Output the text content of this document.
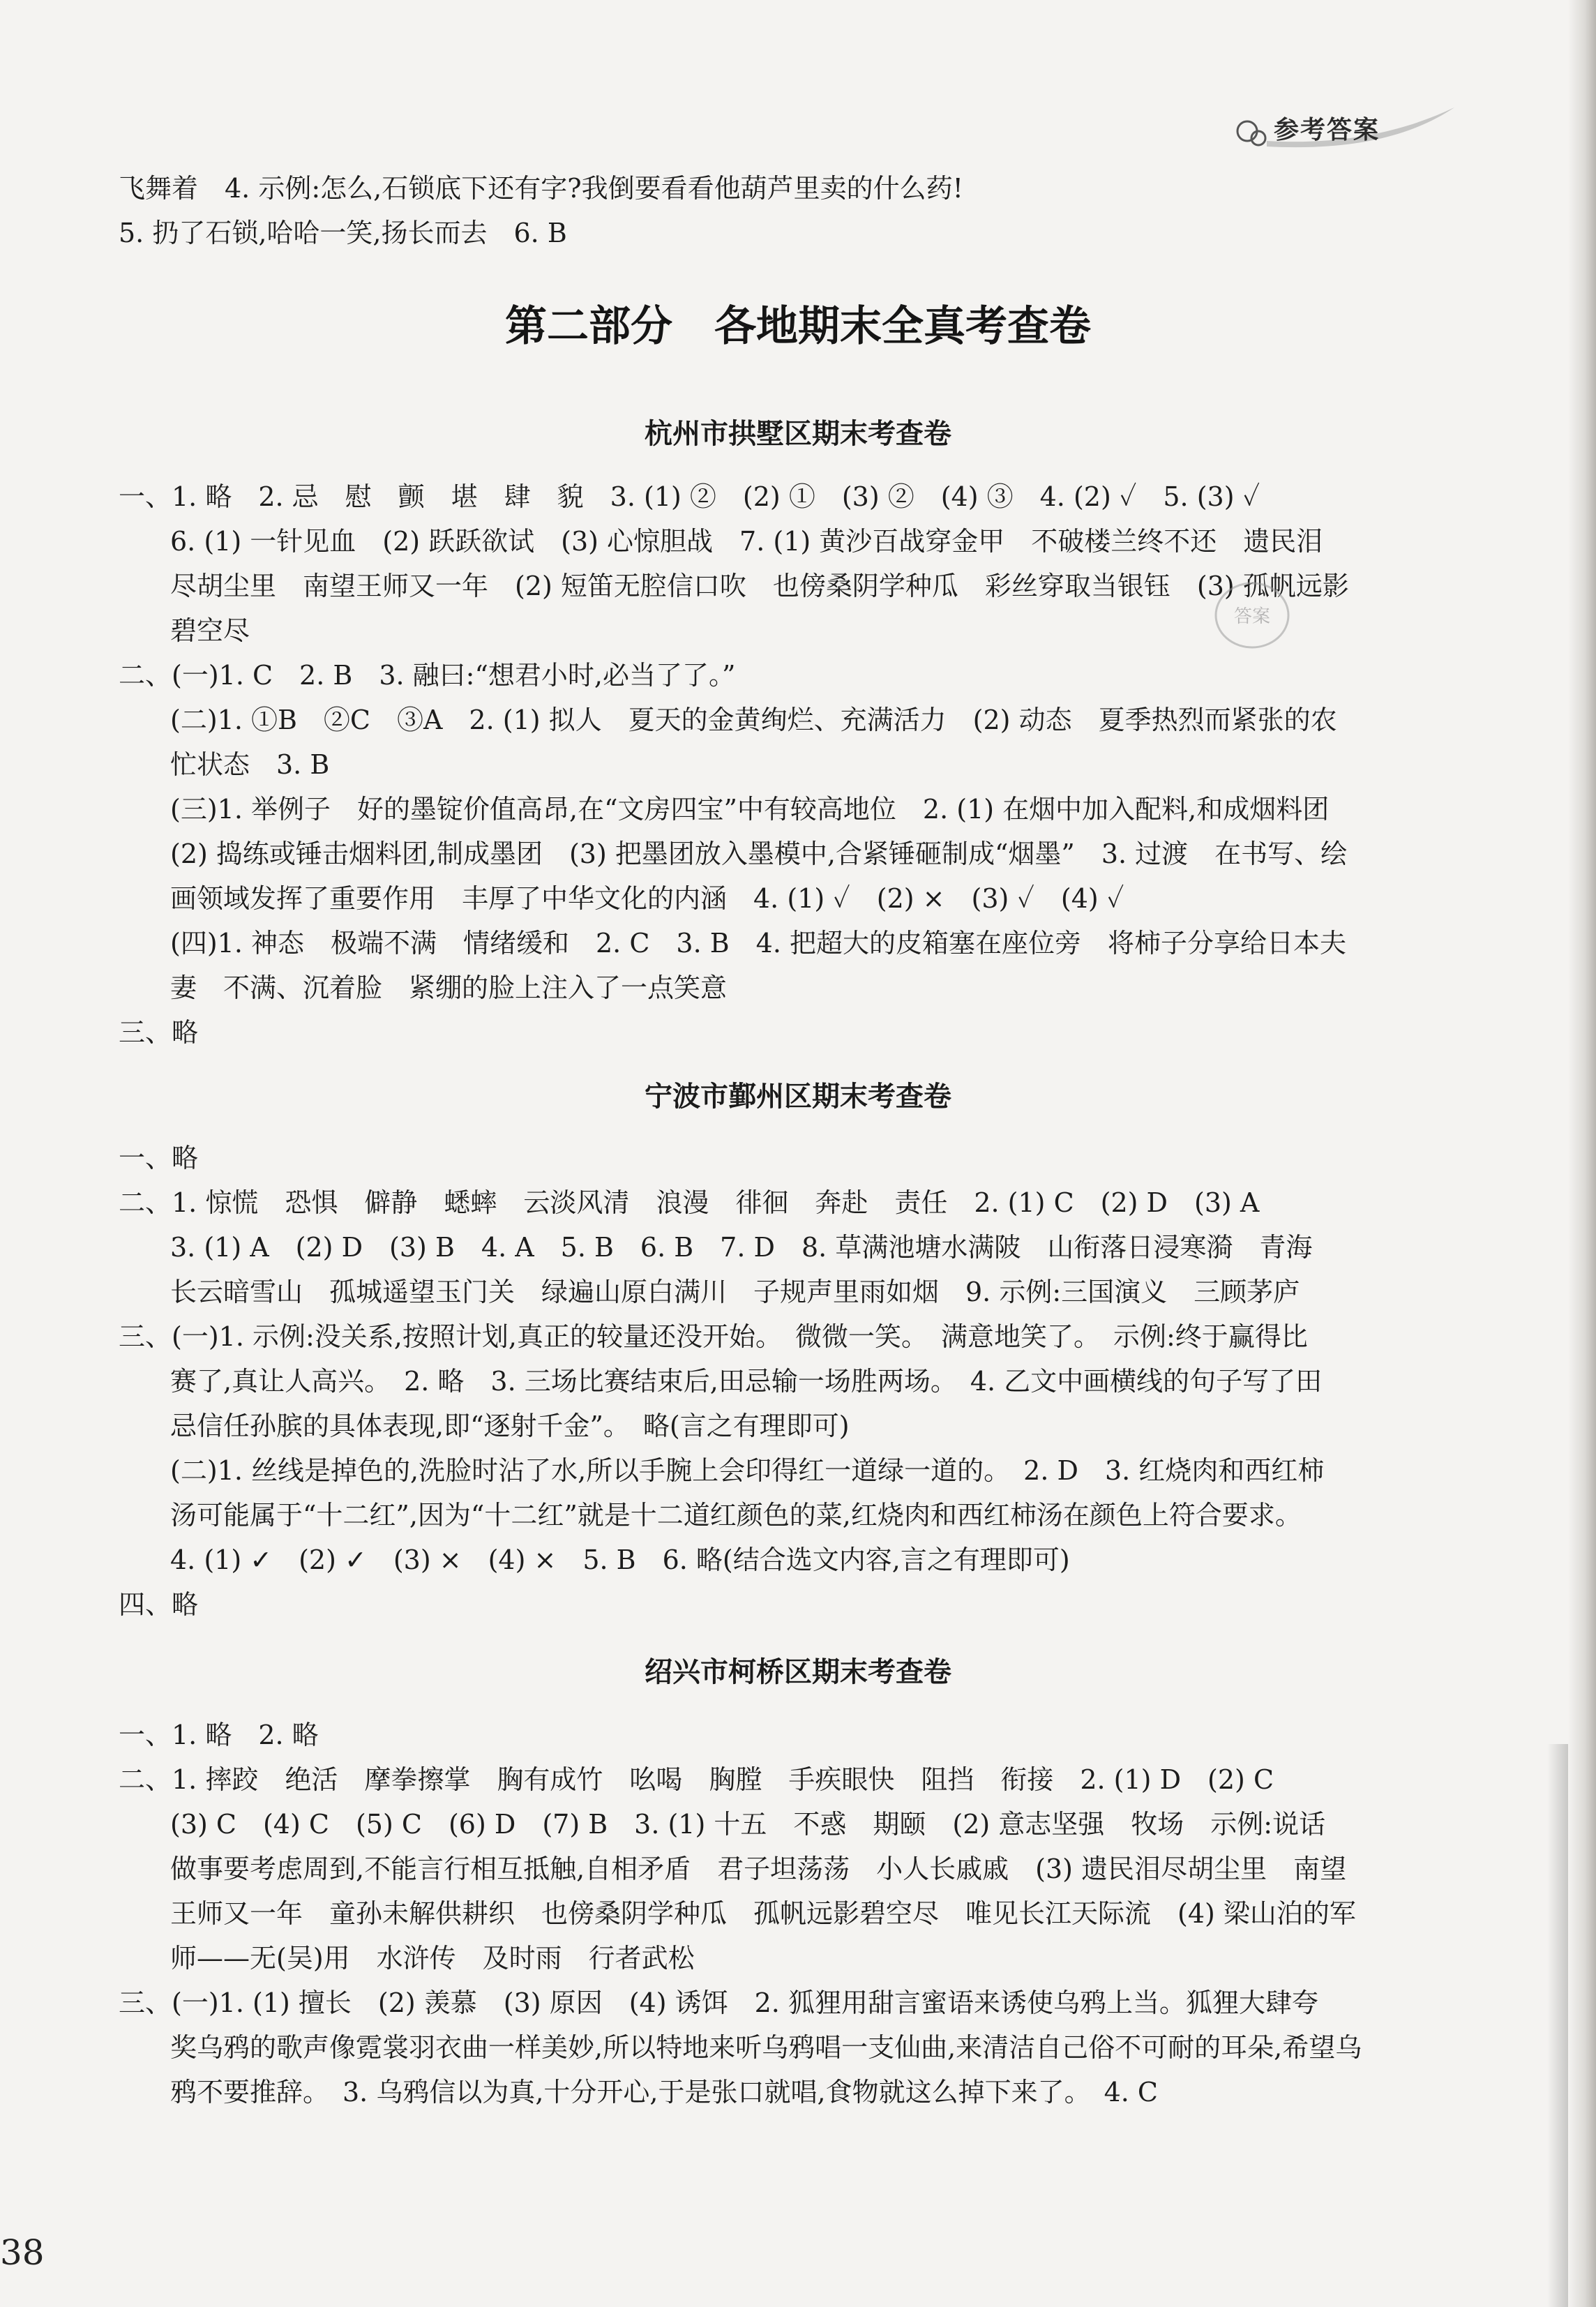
参考答案
飞舞着　4. 示例:怎么,石锁底下还有字?我倒要看看他葫芦里卖的什么药!
5. 扔了石锁,哈哈一笑,扬长而去　6. B
第二部分　各地期末全真考查卷
杭州市拱墅区期末考查卷
一、1. 略　2. 忌　慰　颤　堪　肆　貌　3. (1) ②　(2) ①　(3) ②　(4) ③　4. (2) ✓　5. (3) ✓
6. (1) 一针见血　(2) 跃跃欲试　(3) 心惊胆战　7. (1) 黄沙百战穿金甲　不破楼兰终不还　遗民泪
尽胡尘里　南望王师又一年　(2) 短笛无腔信口吹　也傍桑阴学种瓜　彩丝穿取当银钰　(3) 孤帆远影
碧空尽
二、(一)1. C　2. B　3. 融曰:“想君小时,必当了了。”
(二)1. ①B　②C　③A　2. (1) 拟人　夏天的金黄绚烂、充满活力　(2) 动态　夏季热烈而紧张的农
忙状态　3. B
(三)1. 举例子　好的墨锭价值高昂,在“文房四宝”中有较高地位　2. (1) 在烟中加入配料,和成烟料团
(2) 捣练或锤击烟料团,制成墨团　(3) 把墨团放入墨模中,合紧锤砸制成“烟墨”　3. 过渡　在书写、绘
画领域发挥了重要作用　丰厚了中华文化的内涵　4. (1) ✓　(2) ×　(3) ✓　(4) ✓
(四)1. 神态　极端不满　情绪缓和　2. C　3. B　4. 把超大的皮箱塞在座位旁　将柿子分享给日本夫
妻　不满、沉着脸　紧绷的脸上注入了一点笑意
三、略
答案
宁波市鄞州区期末考查卷
一、略
二、1. 惊慌　恐惧　僻静　蟋蟀　云淡风清　浪漫　徘徊　奔赴　责任　2. (1) C　(2) D　(3) A
3. (1) A　(2) D　(3) B　4. A　5. B　6. B　7. D　8. 草满池塘水满陂　山衔落日浸寒漪　青海
长云暗雪山　孤城遥望玉门关　绿遍山原白满川　子规声里雨如烟　9. 示例:三国演义　三顾茅庐
三、(一)1. 示例:没关系,按照计划,真正的较量还没开始。　微微一笑。　满意地笑了。　示例:终于赢得比
赛了,真让人高兴。　2. 略　3. 三场比赛结束后,田忌输一场胜两场。　4. 乙文中画横线的句子写了田
忌信任孙膑的具体表现,即“逐射千金”。　略(言之有理即可)
(二)1. 丝线是掉色的,洗脸时沾了水,所以手腕上会印得红一道绿一道的。　2. D　3. 红烧肉和西红柿
汤可能属于“十二红”,因为“十二红”就是十二道红颜色的菜,红烧肉和西红柿汤在颜色上符合要求。
4. (1) ✓　(2) ✓　(3) ×　(4) ×　5. B　6. 略(结合选文内容,言之有理即可)
四、略
绍兴市柯桥区期末考查卷
一、1. 略　2. 略
二、1. 摔跤　绝活　摩拳擦掌　胸有成竹　吆喝　胸膛　手疾眼快　阻挡　衔接　2. (1) D　(2) C
(3) C　(4) C　(5) C　(6) D　(7) B　3. (1) 十五　不惑　期颐　(2) 意志坚强　牧场　示例:说话
做事要考虑周到,不能言行相互抵触,自相矛盾　君子坦荡荡　小人长戚戚　(3) 遗民泪尽胡尘里　南望
王师又一年　童孙未解供耕织　也傍桑阴学种瓜　孤帆远影碧空尽　唯见长江天际流　(4) 梁山泊的军
师——无(吴)用　水浒传　及时雨　行者武松
三、(一)1. (1) 擅长　(2) 羡慕　(3) 原因　(4) 诱饵　2. 狐狸用甜言蜜语来诱使乌鸦上当。狐狸大肆夸
奖乌鸦的歌声像霓裳羽衣曲一样美妙,所以特地来听乌鸦唱一支仙曲,来清洁自己俗不可耐的耳朵,希望乌
鸦不要推辞。　3. 乌鸦信以为真,十分开心,于是张口就唱,食物就这么掉下来了。　4. C
38
